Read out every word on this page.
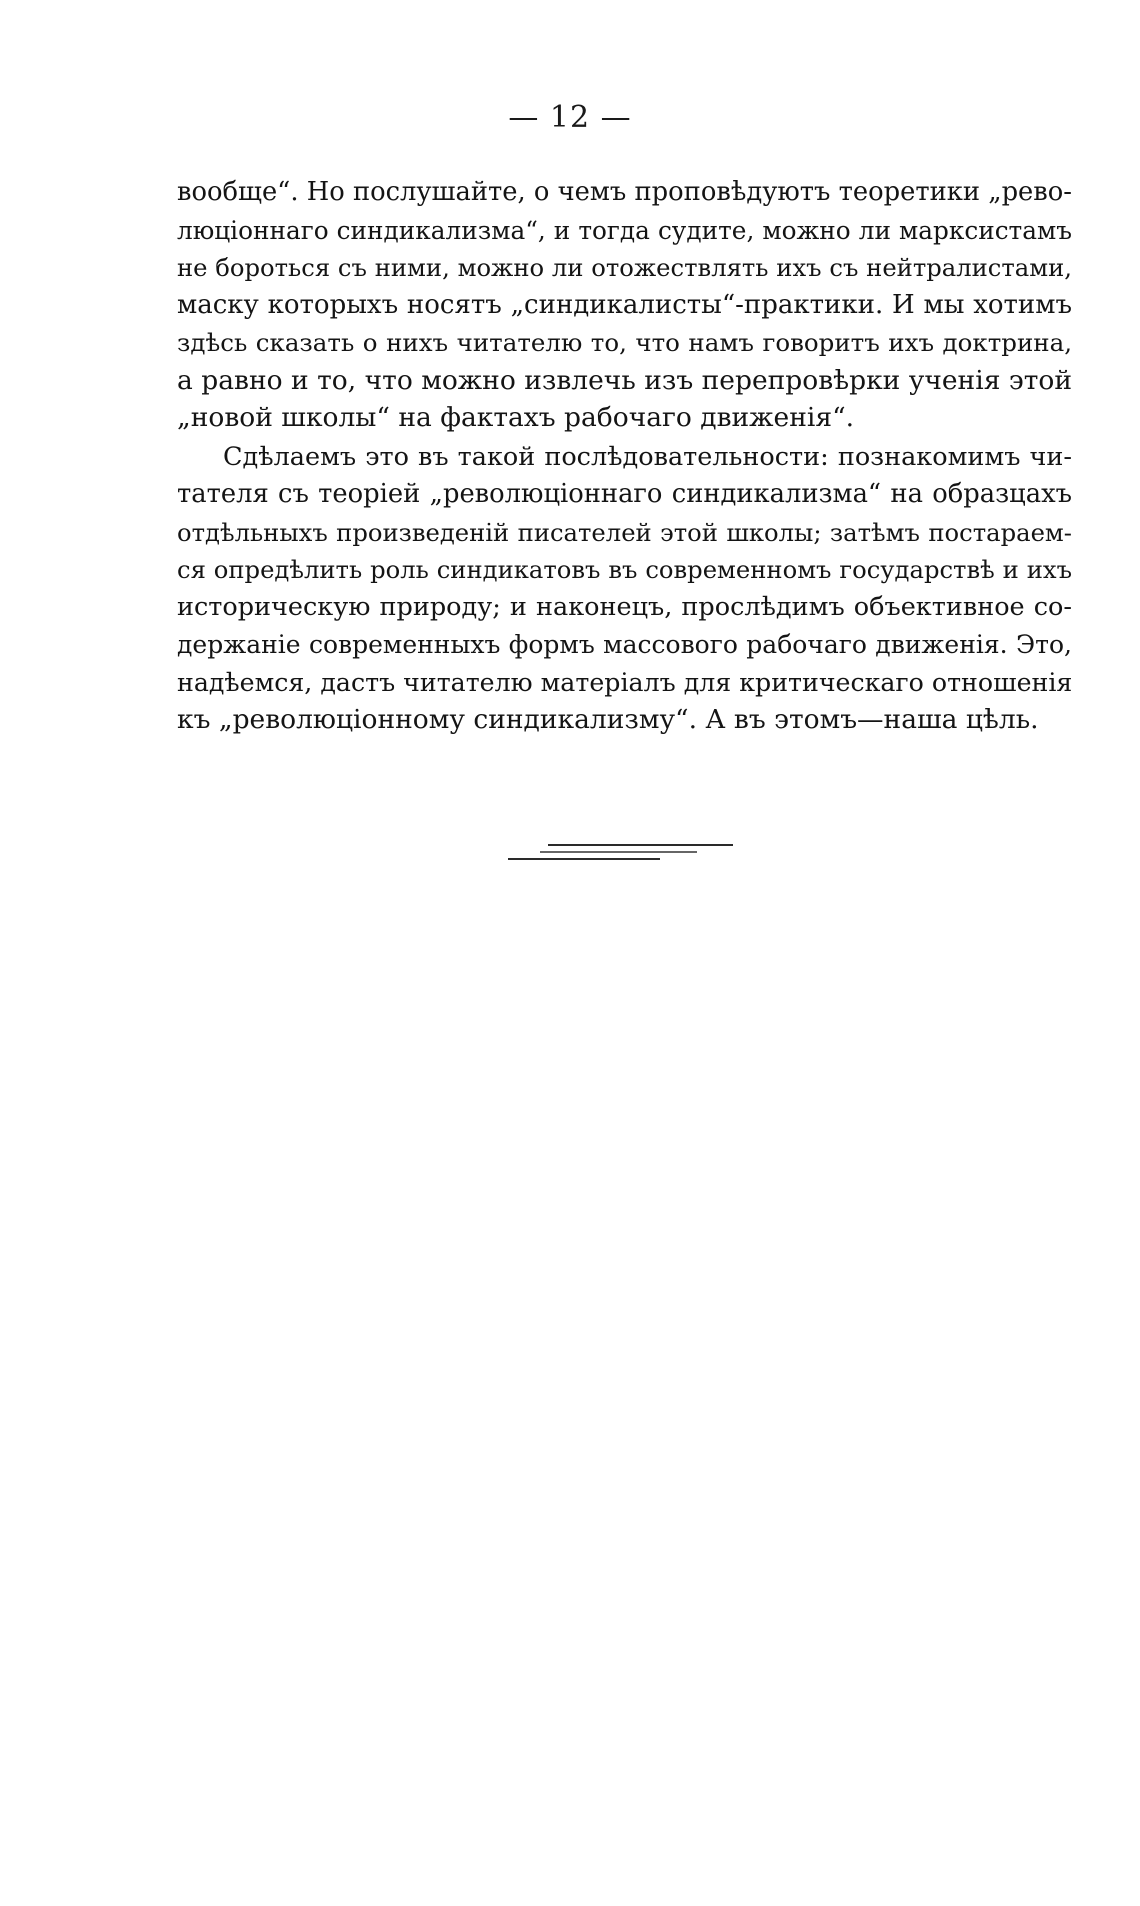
— 12 —
вообще“. Но послушайте, о чемъ проповѣдуютъ теоретики „рево-
люціоннаго синдикализма“, и тогда судите, можно ли марксистамъ
не бороться съ ними, можно ли отожествлять ихъ съ нейтралистами,
маску которыхъ носятъ „синдикалисты“-практики. И мы хотимъ
здѣсь сказать о нихъ читателю то, что намъ говоритъ ихъ доктрина,
а равно и то, что можно извлечь изъ перепровѣрки ученія этой
„новой школы“ на фактахъ рабочаго движенія“.
Сдѣлаемъ это въ такой послѣдовательности: познакомимъ чи-
тателя съ теоріей „революціоннаго синдикализма“ на образцахъ
отдѣльныхъ произведеній писателей этой школы; затѣмъ постараем-
ся опредѣлить роль синдикатовъ въ современномъ государствѣ и ихъ
историческую природу; и наконецъ, прослѣдимъ объективное со-
держаніе современныхъ формъ массового рабочаго движенія. Это,
надѣемся, дастъ читателю матеріалъ для критическаго отношенія
къ „революціонному синдикализму“. А въ этомъ—наша цѣль.
